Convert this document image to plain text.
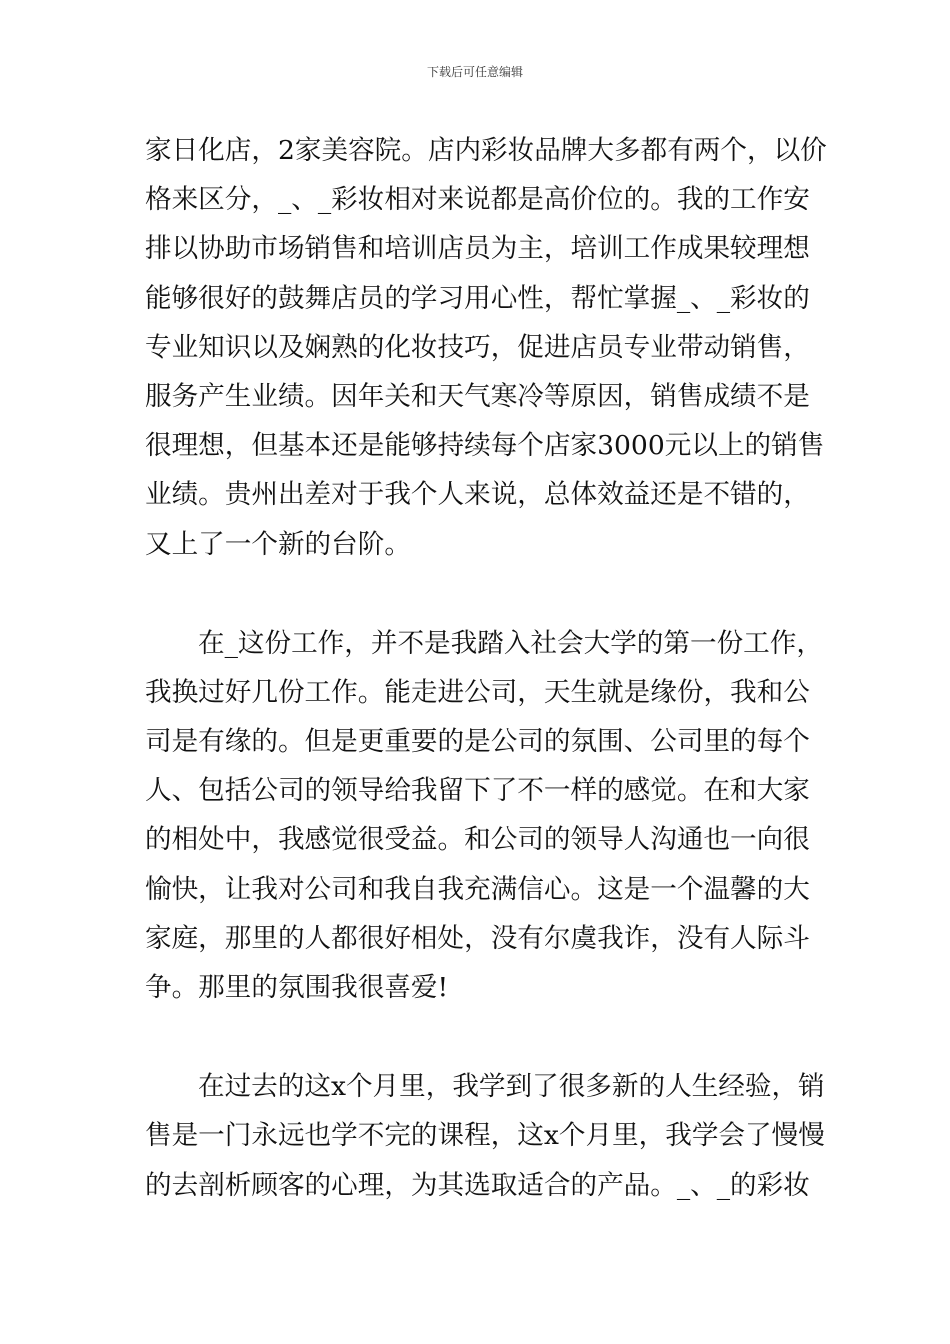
下载后可任意编辑

家日化店，2家美容院。店内彩妆品牌大多都有两个，以价
格来区分，_、_彩妆相对来说都是高价位的。我的工作安
排以协助市场销售和培训店员为主，培训工作成果较理想
能够很好的鼓舞店员的学习用心性，帮忙掌握_、_彩妆的
专业知识以及娴熟的化妆技巧，促进店员专业带动销售，
服务产生业绩。因年关和天气寒冷等原因，销售成绩不是
很理想，但基本还是能够持续每个店家3000元以上的销售
业绩。贵州出差对于我个人来说，总体效益还是不错的，
又上了一个新的台阶。

在_这份工作，并不是我踏入社会大学的第一份工作，
我换过好几份工作。能走进公司，天生就是缘份，我和公
司是有缘的。但是更重要的是公司的氛围、公司里的每个
人、包括公司的领导给我留下了不一样的感觉。在和大家
的相处中，我感觉很受益。和公司的领导人沟通也一向很
愉快，让我对公司和我自我充满信心。这是一个温馨的大
家庭，那里的人都很好相处，没有尔虞我诈，没有人际斗
争。那里的氛围我很喜爱!

在过去的这x个月里，我学到了很多新的人生经验，销
售是一门永远也学不完的课程，这x个月里，我学会了慢慢
的去剖析顾客的心理，为其选取适合的产品。_、_的彩妆
